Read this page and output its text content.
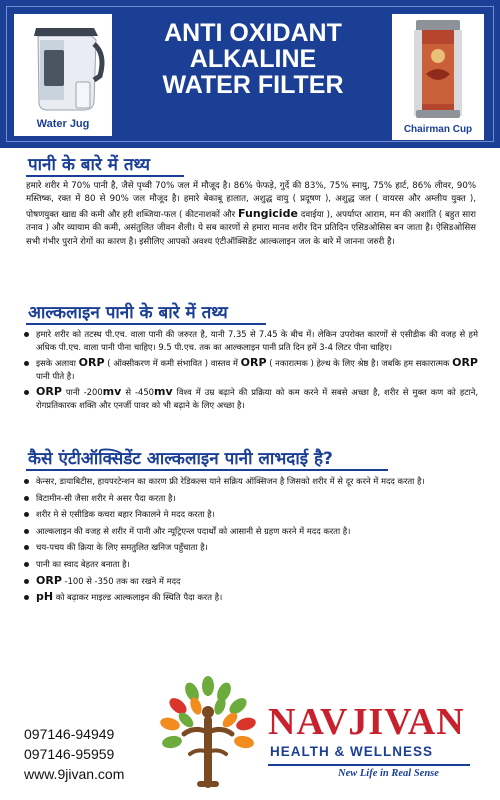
Water Jug
ANTI OXIDANT
ALKALINE
WATER FILTER
Chairman Cup
पानी के बारे में तथ्य
हमारे शरीर मे 70% पानी है, जैसे पृथ्वी 70% जल में मौजूद है। 86% फेफड़े, गुर्दे की 83%, 75% स्नायु, 75% हार्ट, 86% लीवर, 90% मस्तिष्क, रक्त में 80 से 90% जल मौजूद है। हमारे बेकाबू हालात, अशुद्ध वायु ( प्रदूषण ), अशुद्ध जल ( वायरस और अम्लीय युक्त ), पोषणयुक्त खाद्य की कमी और हरी शब्जिया-फल ( कीटनाशकों और Fungicide दवाईया ), अपर्याप्त आराम, मन की अशांति ( बहुत सारा तनाव ) और व्यायाम की कमी, असंतुलित जीवन शैली। ये सब कारणों से हमारा मानव शरीर दिन प्रतिदिन एसिडओसिस बन जाता है। ऐसिडओसिस सभी गंभीर पुराने रोगों का कारण है। इसीलिए आपको अवश्य एंटीऑक्सिडेंट आल्कलाइन जल के बारे में जानना जरुरी है।
आल्कलाइन पानी के बारे में तथ्य
हमारे शरीर को तटस्थ पी.एच. वाला पानी की जरुरत है, यानी 7.35 से 7.45 के बीच में। लेकिन उपरोक्त कारणों से एसीडीक की वजह से हमे अधिक पी.एच. वाला पानी पीना चाहिए। 9.5 पी.एच. तक का आल्कलाइन पानी प्रति दिन हमें 3-4 लिटर पीना चाहिए।
इसके अलावा ORP ( ऑक्सीकरण में कमी संभावित ) वास्तव में ORP ( नकारात्मक ) हेल्थ के लिए श्रेष्ठ है। जबकि हम सकारात्मक ORP पानी पीते है।
ORP पानी -200mv से -450mv विश्व में उम्र बढ़ाने की प्रक्रिया को कम करने में सबसे अच्छा है, शरीर से मुक्त कण को हटाने, रोगप्रतिकारक शक्ति और एनर्जी पावर को भी बढ़ाने के लिए अच्छा है।
कैसे एंटीऑक्सिडेंट आल्कलाइन पानी लाभदाई है?
केन्सर, डायाबिटीस, हायपरटेन्शन का कारण फ्री रेडिकल्स याने सक्रिय ऑक्सिजन है जिसको शरीर में से दूर करने में मदद करता है।
विटामीन-सी जैसा शरीर मे असर पैदा करता है।
शरीर मे से एसीडिक कचरा बहार निकालने मे मदद करता है।
आल्कलाइन की वजह से शरीर में पानी और न्यूट्रिएन्ल पदार्थों को आसानी से ग्रहण करने में मदद करता है।
चय-पचय की क्रिया के लिए समतुलित खनिज पहुँचाता है।
पानी का स्वाद बेहतर बनाता है।
ORP -100 से -350 तक का रखने में मदद
pH को बढ़ाकर माइल्ड आल्कलाइन की स्थिति पैदा करत है।
097146-94949
097146-95959
www.9jivan.com
NAVJIVAN
HEALTH & WELLNESS
New Life in Real Sense
